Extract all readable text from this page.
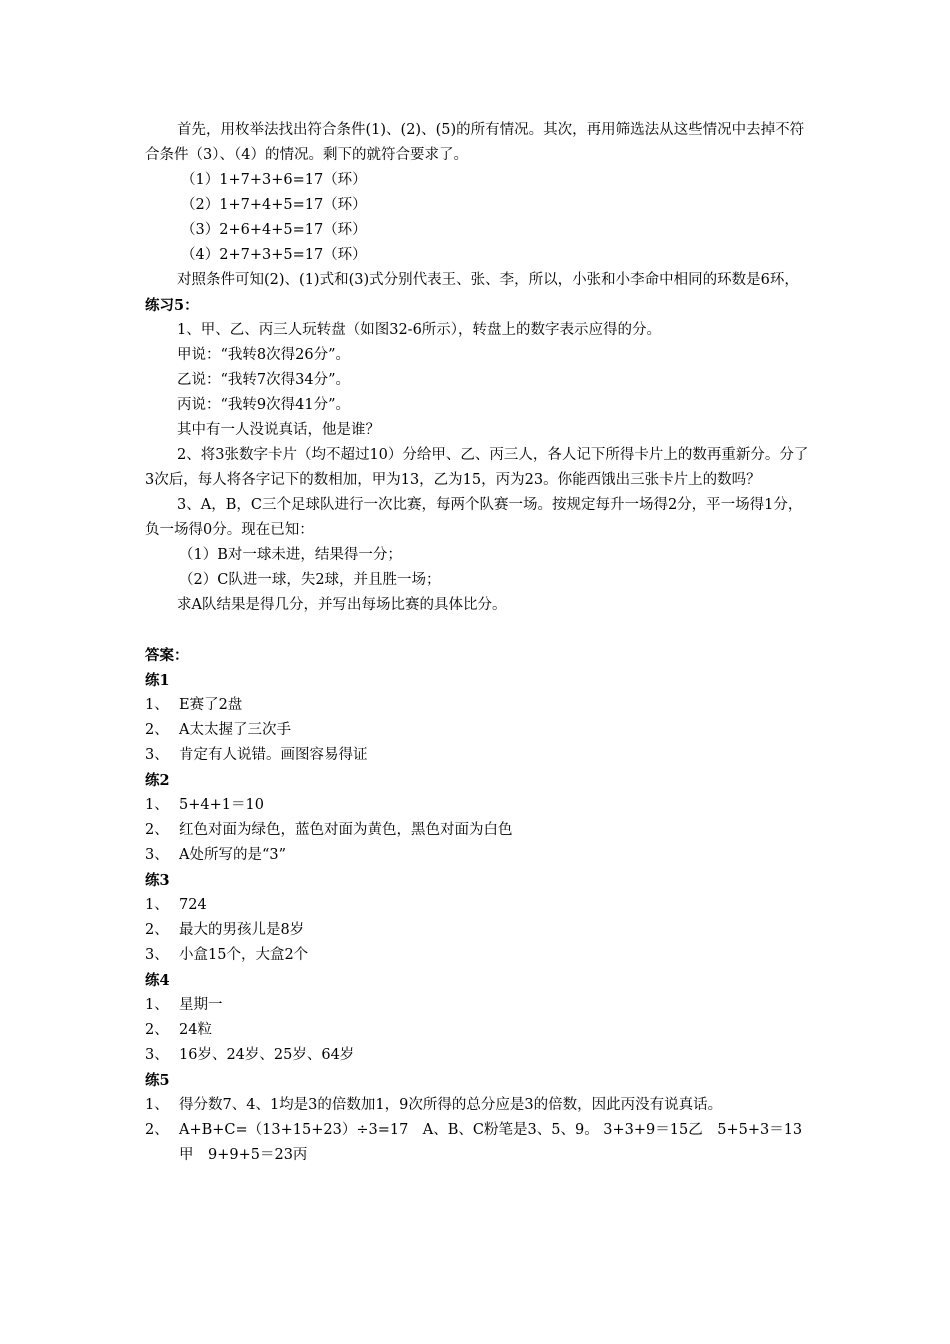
首先，用枚举法找出符合条件(1)、(2)、(5)的所有情况。其次，再用筛选法从这些情况中去掉不符合条件（3）、（4）的情况。剩下的就符合要求了。

（1）1+7+3+6=17（环）

（2）1+7+4+5=17（环）

（3）2+6+4+5=17（环）

（4）2+7+3+5=17（环）

对照条件可知(2)、(1)式和(3)式分别代表王、张、李，所以，小张和小李命中相同的环数是6环，

练习5：

1、甲、乙、丙三人玩转盘（如图32-6所示），转盘上的数字表示应得的分。

甲说：“我转8次得26分”。

乙说：“我转7次得34分”。

丙说：“我转9次得41分”。

其中有一人没说真话，他是谁？

2、将3张数字卡片（均不超过10）分给甲、乙、丙三人，各人记下所得卡片上的数再重新分。分了3次后，每人将各字记下的数相加，甲为13，乙为15，丙为23。你能西饿出三张卡片上的数吗？

3、A，B，C三个足球队进行一次比赛，每两个队赛一场。按规定每升一场得2分，平一场得1分，负一场得0分。现在已知：

（1）B对一球未进，结果得一分；

（2）C队进一球，失2球，并且胜一场；

求A队结果是得几分，并写出每场比赛的具体比分。

答案：

练1

1、 E赛了2盘
2、 A太太握了三次手
3、 肯定有人说错。画图容易得证

练2

1、 5+4+1＝10
2、 红色对面为绿色，蓝色对面为黄色，黑色对面为白色
3、 A处所写的是“3”

练3

1、 724
2、 最大的男孩儿是8岁
3、 小盒15个，大盒2个

练4

1、 星期一
2、 24粒
3、 16岁、24岁、25岁、64岁

练5

1、 得分数7、4、1均是3的倍数加1，9次所得的总分应是3的倍数，因此丙没有说真话。
2、 A+B+C=（13+15+23）÷3=17　A、B、C粉笔是3、5、9。 3+3+9＝15乙　5+5+3＝13甲　9+9+5＝23丙
